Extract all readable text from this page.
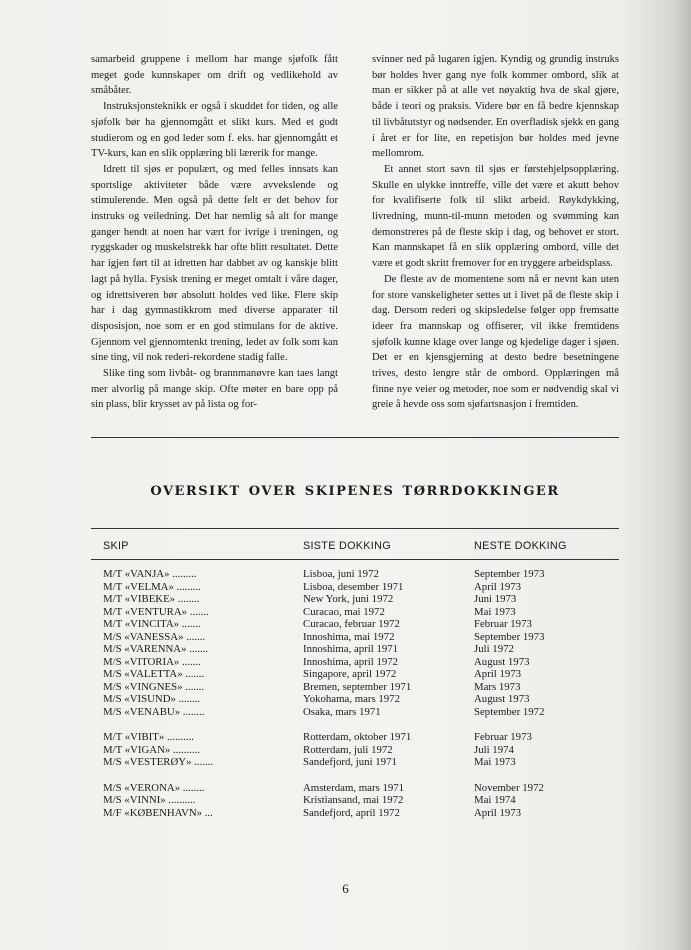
samarbeid gruppene i mellom har mange sjøfolk fått meget gode kunnskaper om drift og vedlikehold av småbåter.

Instruksjonsteknikk er også i skuddet for tiden, og alle sjøfolk bør ha gjennomgått et slikt kurs. Med et godt studierom og en god leder som f. eks. har gjennomgått et TV-kurs, kan en slik opplæring bli lærerik for mange.

Idrett til sjøs er populært, og med felles innsats kan sportslige aktiviteter både være avvekslende og stimulerende. Men også på dette felt er det behov for instruks og veiledning. Det har nemlig så alt for mange ganger hendt at noen har vært for ivrige i treningen, og ryggskader og muskelstrekk har ofte blitt resultatet. Dette har igjen ført til at idretten har dabbet av og kanskje blitt lagt på hylla. Fysisk trening er meget omtalt i våre dager, og idrettsiveren bør absolutt holdes ved like. Flere skip har i dag gymnastikkrom med diverse apparater til disposisjon, noe som er en god stimulans for de aktive. Gjennom vel gjennomtenkt trening, ledet av folk som kan sine ting, vil nok rederi-rekordene stadig falle.

Slike ting som livbåt- og brannmanøvre kan taes langt mer alvorlig på mange skip. Ofte møter en bare opp på sin plass, blir krysset av på lista og for-

svinner ned på lugaren igjen. Kyndig og grundig instruks bør holdes hver gang nye folk kommer ombord, slik at man er sikker på at alle vet nøyaktig hva de skal gjøre, både i teori og praksis. Videre bør en få bedre kjennskap til livbåtutstyr og nødsender. En overfladisk sjekk en gang i året er for lite, en repetisjon bør holdes med jevne mellomrom.

Et annet stort savn til sjøs er førstehjelpsopplæring. Skulle en ulykke inntreffe, ville det være et akutt behov for kvalifiserte folk til slikt arbeid. Røykdykking, livredning, munn-til-munn metoden og svømming kan demonstreres på de fleste skip i dag, og behovet er stort. Kan mannskapet få en slik opplæring ombord, ville det være et godt skritt fremover for en tryggere arbeidsplass.

De fleste av de momentene som nå er nevnt kan uten for store vanskeligheter settes ut i livet på de fleste skip i dag. Dersom rederi og skipsledelse følger opp fremsatte ideer fra mannskap og offiserer, vil ikke fremtidens sjøfolk kunne klage over lange og kjedelige dager i sjøen. Det er en kjensgjerning at desto bedre besetningene trives, desto lengre står de ombord. Opplæringen må finne nye veier og metoder, noe som er nødvendig skal vi greie å hevde oss som sjøfartsnasjon i fremtiden.

oversikt over skipenes tørrdokkinger
SKIP	SISTE DOKKING	NESTE DOKKING
M/T «VANJA» .........	Lisboa, juni 1972	September 1973
M/T «VELMA» .........	Lisboa, desember 1971	April 1973
M/T «VIBEKE» ........	New York, juni 1972	Juni 1973
M/T «VENTURA» .......	Curacao, mai 1972	Mai 1973
M/T «VINCITA» .......	Curacao, februar 1972	Februar 1973
M/S «VANESSA» .......	Innoshima, mai 1972	September 1973
M/S «VARENNA» .......	Innoshima, april 1971	Juli 1972
M/S «VITORIA» .......	Innoshima, april 1972	August 1973
M/S «VALETTA» .......	Singapore, april 1972	April 1973
M/S «VINGNES» .......	Bremen, september 1971	Mars 1973
M/S «VISUND» ........	Yokohama, mars 1972	August 1973
M/S «VENABU» ........	Osaka, mars 1971	September 1972
M/T «VIBIT» ..........	Rotterdam, oktober 1971	Februar 1973
M/T «VIGAN» ..........	Rotterdam, juli 1972	Juli 1974
M/S «VESTERØY» .......	Sandefjord, juni 1971	Mai 1973
M/S «VERONA» ........	Amsterdam, mars 1971	November 1972
M/S «VINNI» ..........	Kristiansand, mai 1972	Mai 1974
M/F «KØBENHAVN» ...	Sandefjord, april 1972	April 1973
6
